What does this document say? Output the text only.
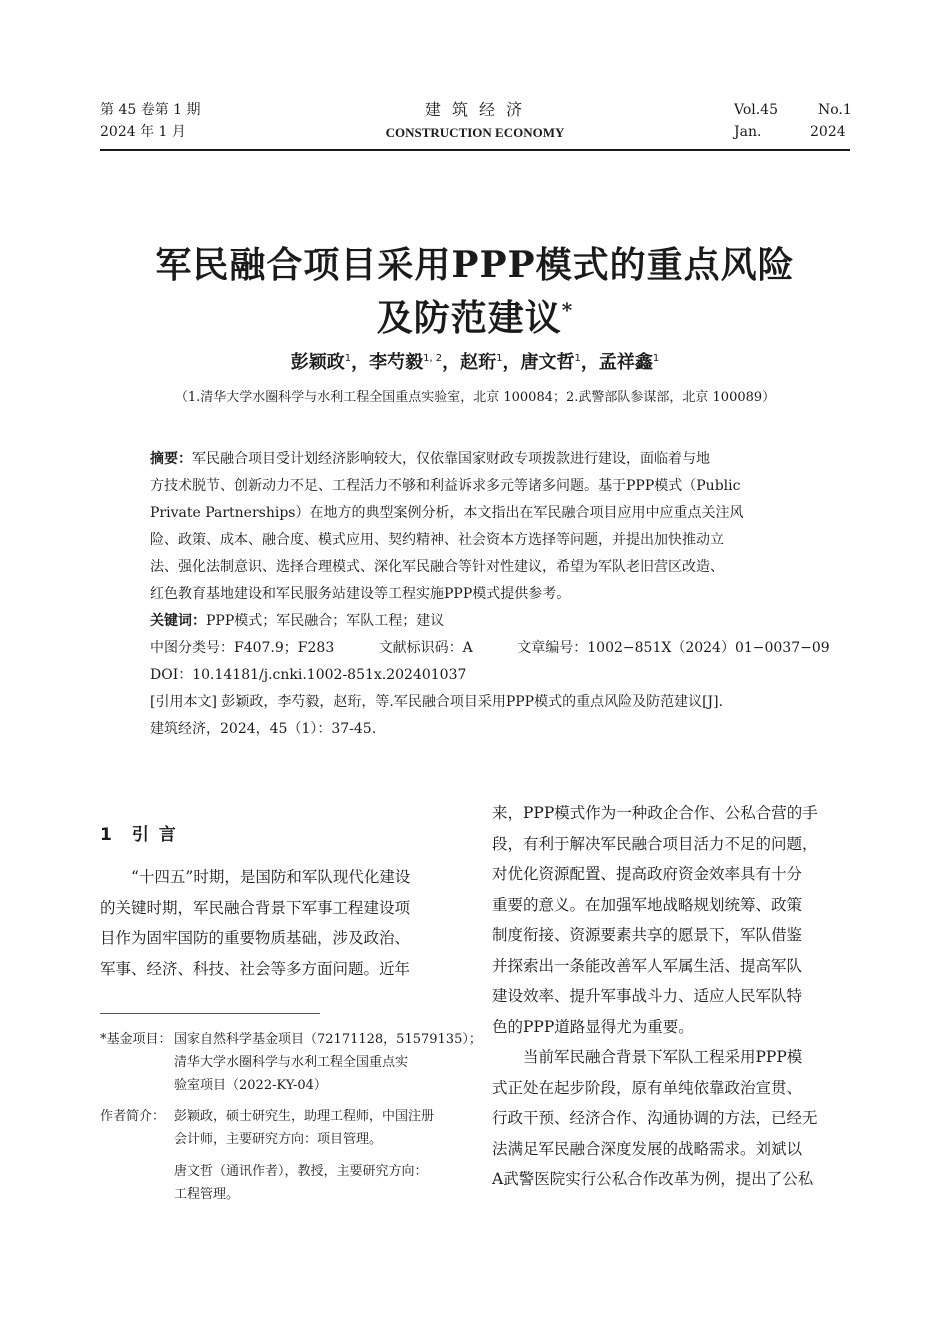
第 45 卷第 1 期
2024 年 1 月
建 筑 经 济
CONSTRUCTION ECONOMY
Vol.45	No.1
Jan.	2024
军民融合项目采用PPP模式的重点风险
及防范建议*
彭颖政$^1$，李芍毅$^{1, 2}$，赵珩$^1$，唐文哲$^1$，孟祥鑫$^1$
（1.清华大学水圈科学与水利工程全国重点实验室，北京 100084；2.武警部队参谋部，北京 100089）
摘要：军民融合项目受计划经济影响较大，仅依靠国家财政专项拨款进行建设，面临着与地
方技术脱节、创新动力不足、工程活力不够和利益诉求多元等诸多问题。基于PPP模式（Public
Private Partnerships）在地方的典型案例分析，本文指出在军民融合项目应用中应重点关注风
险、政策、成本、融合度、模式应用、契约精神、社会资本方选择等问题，并提出加快推动立
法、强化法制意识、选择合理模式、深化军民融合等针对性建议，希望为军队老旧营区改造、
红色教育基地建设和军民服务站建设等工程实施PPP模式提供参考。
关键词：PPP模式；军民融合；军队工程；建议
中图分类号：F407.9；F283	文献标识码：A	文章编号：1002−851X（2024）01−0037−09
DOI：10.14181/j.cnki.1002-851x.202401037
[引用本文] 彭颖政，李芍毅，赵珩，等.军民融合项目采用PPP模式的重点风险及防范建议[J].
建筑经济，2024，45（1）：37-45.
1 引 言
“十四五”时期，是国防和军队现代化建设
的关键时期，军民融合背景下军事工程建设项
目作为固牢国防的重要物质基础，涉及政治、
军事、经济、科技、社会等多方面问题。近年
*基金项目： 国家自然科学基金项目（72171128，51579135）；
清华大学水圈科学与水利工程全国重点实
验室项目（2022-KY-04）
作者简介： 彭颖政，硕士研究生，助理工程师，中国注册
会计师，主要研究方向：项目管理。
唐文哲（通讯作者），教授，主要研究方向：
工程管理。
来，PPP模式作为一种政企合作、公私合营的手
段，有利于解决军民融合项目活力不足的问题，
对优化资源配置、提高政府资金效率具有十分
重要的意义。在加强军地战略规划统筹、政策
制度衔接、资源要素共享的愿景下，军队借鉴
并探索出一条能改善军人军属生活、提高军队
建设效率、提升军事战斗力、适应人民军队特
色的PPP道路显得尤为重要。
当前军民融合背景下军队工程采用PPP模
式正处在起步阶段，原有单纯依靠政治宣贯、
行政干预、经济合作、沟通协调的方法，已经无
法满足军民融合深度发展的战略需求。刘斌以
A武警医院实行公私合作改革为例，提出了公私
